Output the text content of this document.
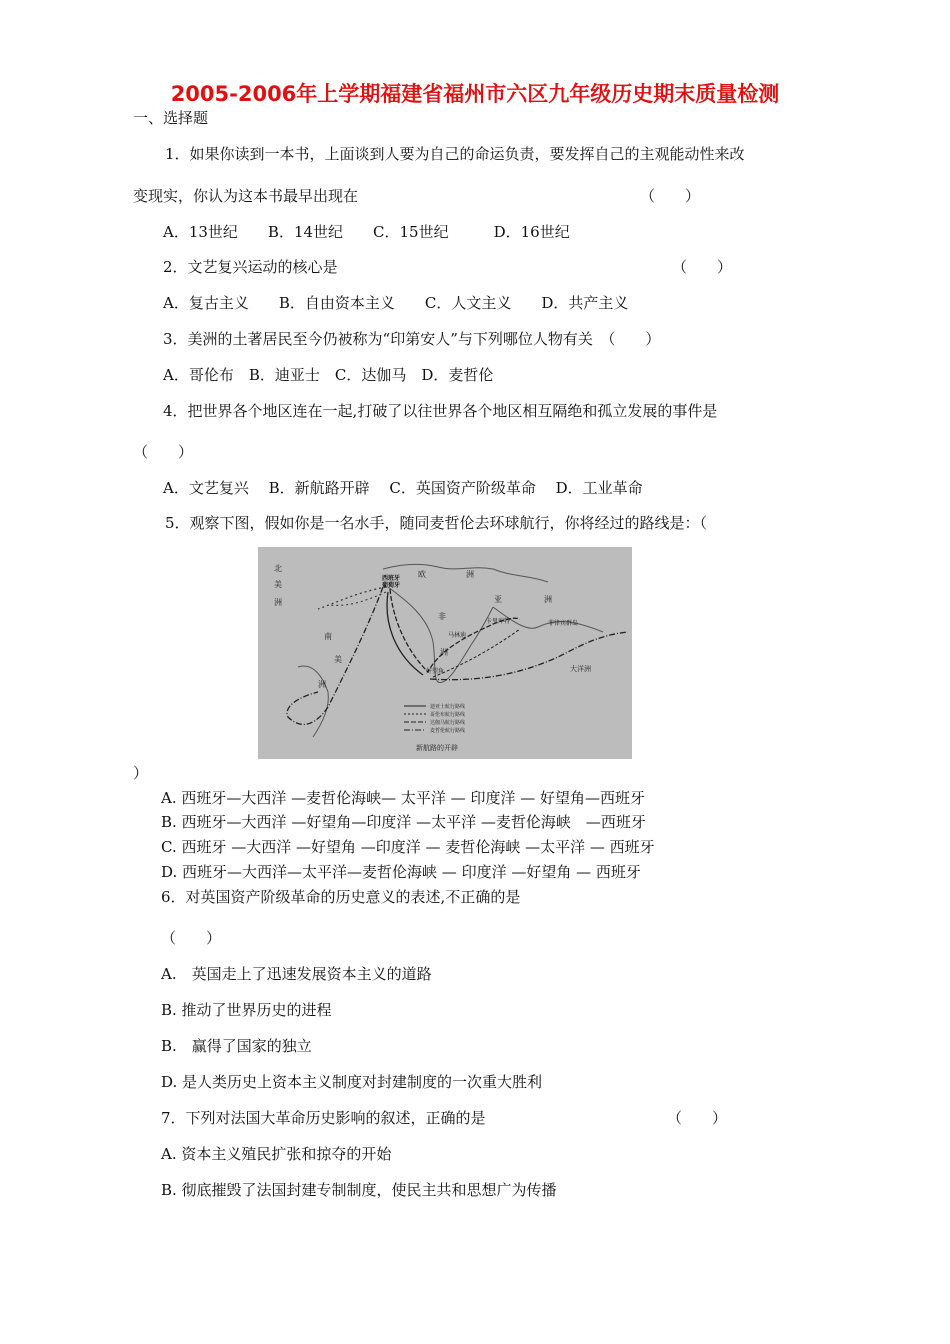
2005-2006年上学期福建省福州市六区九年级历史期末质量检测
一、选择题
1．如果你读到一本书，上面谈到人要为自己的命运负责，要发挥自己的主观能动性来改
变现实，你认为这本书最早出现在	（　　）
A．13世纪　　B．14世纪　　C．15世纪　　　D．16世纪
2．文艺复兴运动的核心是	（　　）
A．复古主义　　B．自由资本主义　　C．人文主义　　D．共产主义
3．美洲的土著居民至今仍被称为“印第安人”与下列哪位人物有关　（　　）
A．哥伦布　B．迪亚士　C．达伽马　D．麦哲伦
4．把世界各个地区连在一起,打破了以往世界各个地区相互隔绝和孤立发展的事件是
（　　）
A．文艺复兴　 B．新航路开辟　 C．英国资产阶级革命　 D．工业革命
5．观察下图，假如你是一名水手，随同麦哲伦去环球航行，你将经过的路线是：（
北
美
洲
南
美
洲
欧	洲
亚	洲
非
洲
西班牙
葡萄牙
好望角
卡里库特
马林迪
菲律宾群岛
大洋洲
迪亚士航行路线
哥伦布航行路线
达伽马航行路线
麦哲伦航行路线
新航路的开辟
）
A. 西班牙—大西洋 —麦哲伦海峡— 太平洋 — 印度洋 — 好望角—西班牙
B. 西班牙—大西洋 —好望角—印度洋 —太平洋 —麦哲伦海峡　—西班牙
C. 西班牙 —大西洋 —好望角 —印度洋 — 麦哲伦海峡 —太平洋 — 西班牙
D. 西班牙—大西洋—太平洋—麦哲伦海峡 — 印度洋 —好望角 — 西班牙
6．对英国资产阶级革命的历史意义的表述,不正确的是
（　　）
A.　英国走上了迅速发展资本主义的道路
B. 推动了世界历史的进程
B.　赢得了国家的独立
D. 是人类历史上资本主义制度对封建制度的一次重大胜利
7．下列对法国大革命历史影响的叙述，正确的是	（　　）
A. 资本主义殖民扩张和掠夺的开始
B. 彻底摧毁了法国封建专制制度，使民主共和思想广为传播
